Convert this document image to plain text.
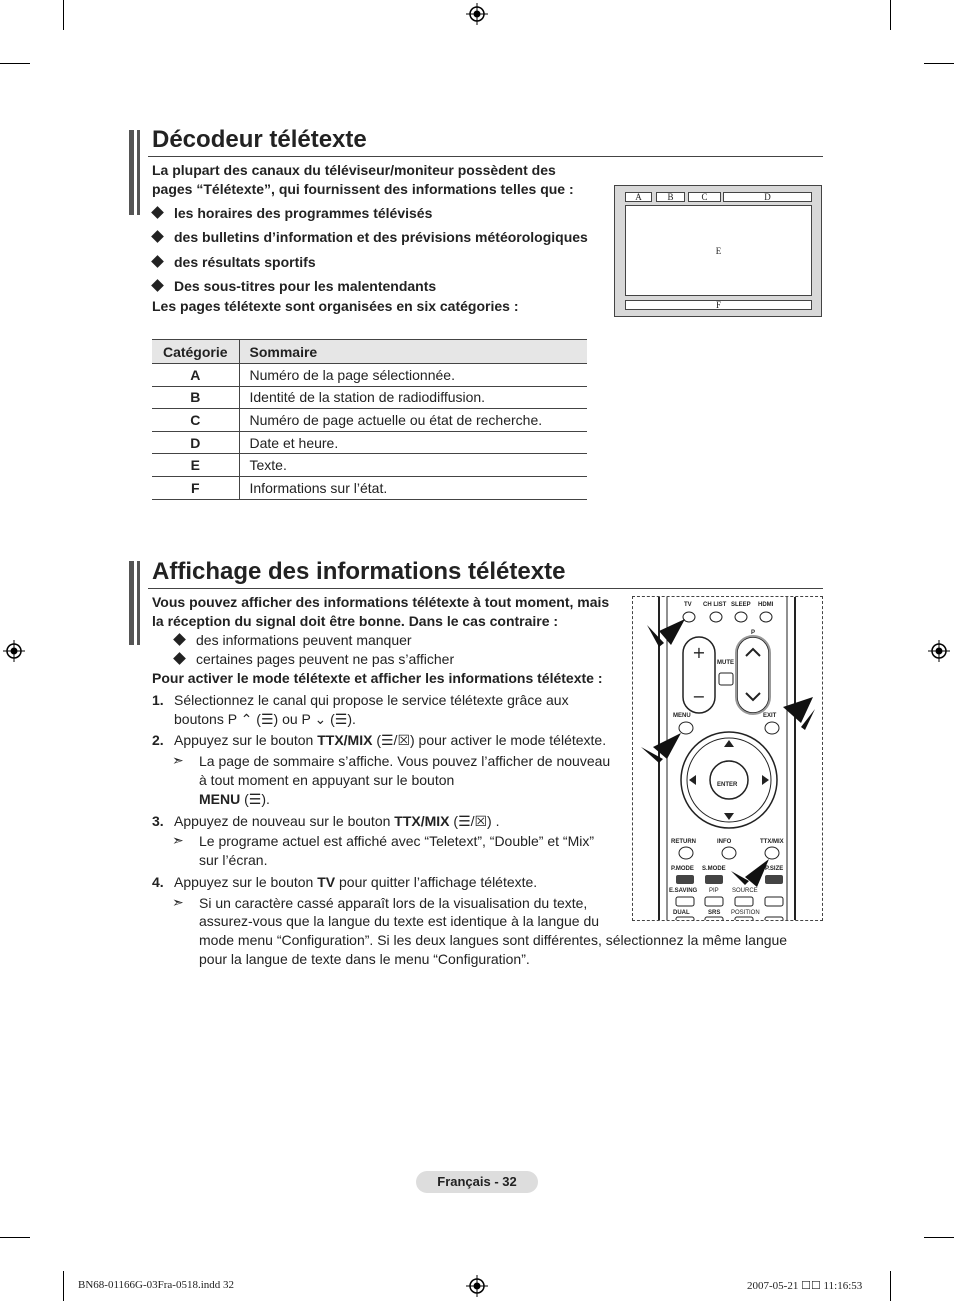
Décodeur télétexte
La plupart des canaux du téléviseur/moniteur possèdent des
pages “Télétexte”, qui fournissent des informations telles que :
les horaires des programmes télévisés
des bulletins d’information et des prévisions météorologiques
des résultats sportifs
Des sous-titres pour les malentendants
Les pages télétexte sont organisées en six catégories :
A	B	C	D
E
F
Catégorie	Sommaire
A	Numéro de la page sélectionnée.
B	Identité de la station de radiodiffusion.
C	Numéro de page actuelle ou état de recherche.
D	Date et heure.
E	Texte.
F	Informations sur l’état.
Affichage des informations télétexte
Vous pouvez afficher des informations télétexte à tout moment, mais
la réception du signal doit être bonne. Dans le cas contraire :
des informations peuvent manquer
certaines pages peuvent ne pas s’afficher
Pour activer le mode télétexte et afficher les informations télétexte :
1. Sélectionnez le canal qui propose le service télétexte grâce aux
boutons P ⌃ (☰) ou P ⌄ (☰).
2. Appuyez sur le bouton TTX/MIX (☰/☒) pour activer le mode télétexte.
➣ La page de sommaire s’affiche. Vous pouvez l’afficher de nouveau
à tout moment en appuyant sur le bouton
MENU (☰).
3. Appuyez de nouveau sur le bouton TTX/MIX (☰/☒) .
➣ Le programe actuel est affiché avec “Teletext”, “Double” et “Mix”
sur l’écran.
4. Appuyez sur le bouton TV pour quitter l’affichage télétexte.
➣ Si un caractère cassé apparaît lors de la visualisation du texte,
assurez-vous que la langue du texte est identique à la langue du
mode menu “Configuration”. Si les deux langues sont différentes, sélectionnez la même langue
pour la langue de texte dans le menu “Configuration”.
+
−
TV CH LIST SLEEP HDMI
P
MUTE
MENU	EXIT
ENTER
RETURN	INFO	TTX/MIX
P.MODE S.MODE	P.SIZE
E.SAVING PIP SOURCE
DUAL	SRS POSITION
Français - 32
BN68-01166G-03Fra-0518.indd 32	2007-05-21 ☐☐ 11:16:53
